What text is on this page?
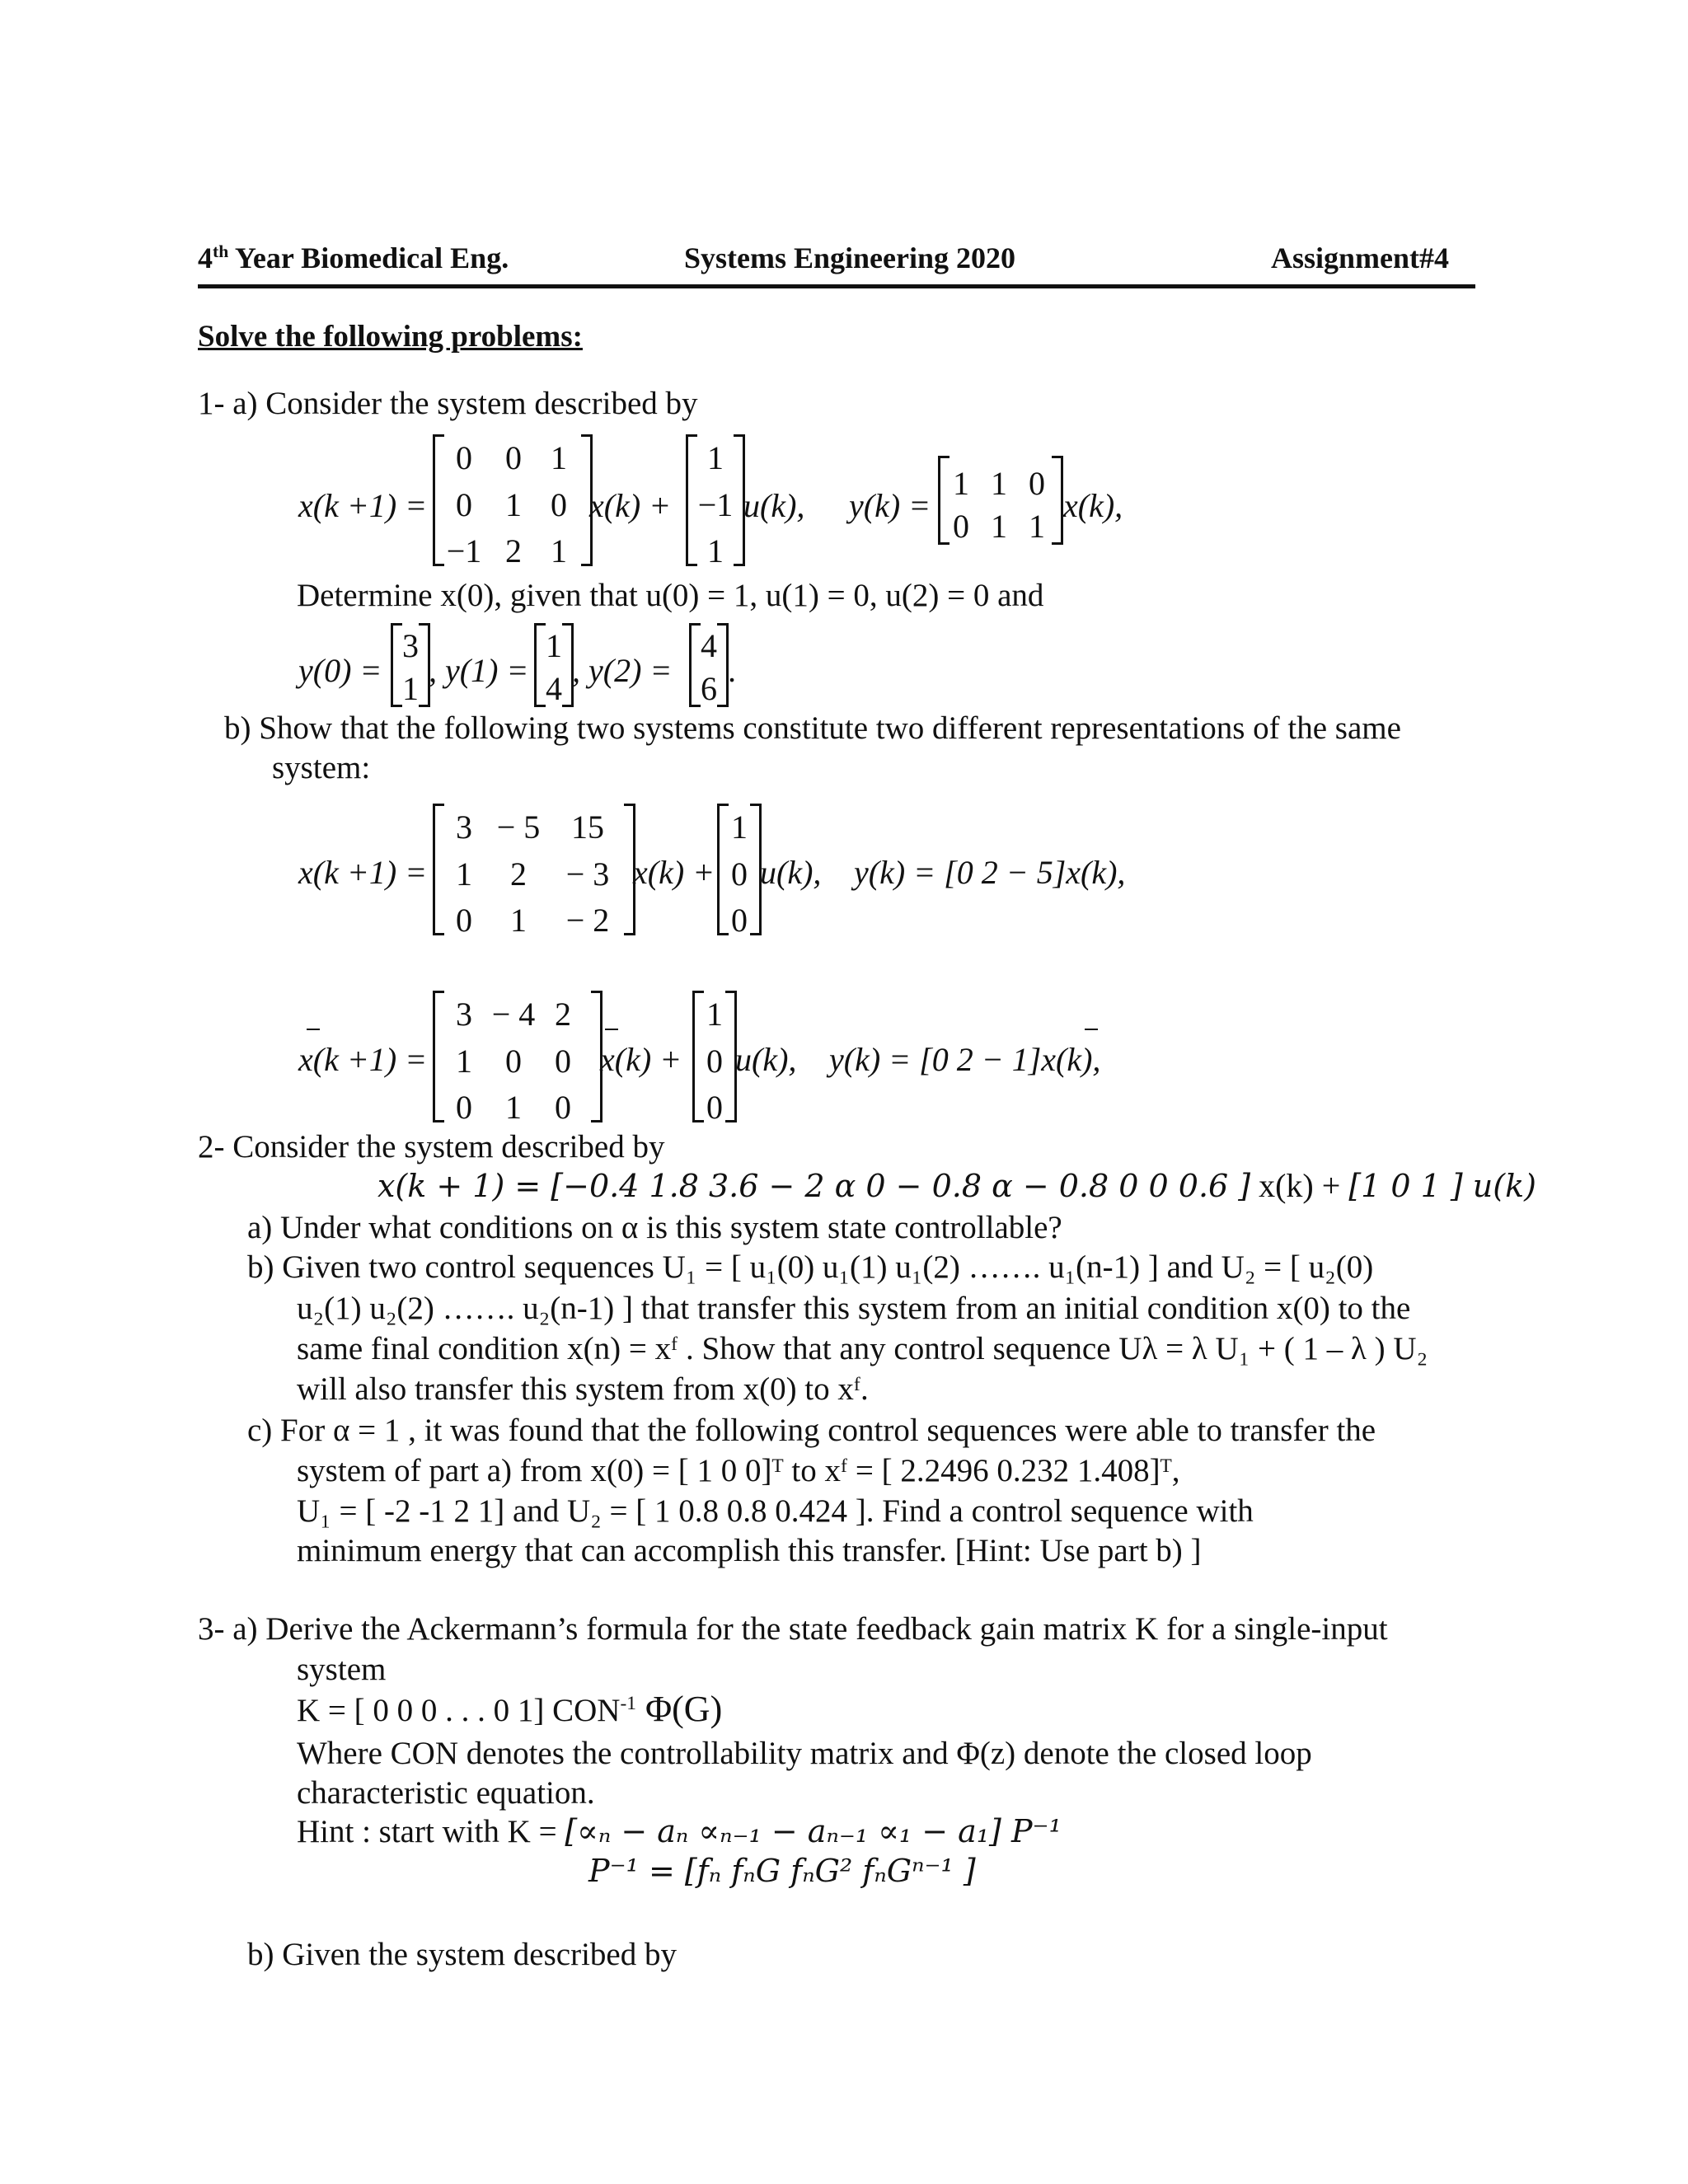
4th Year Biomedical Eng.	Systems Engineering 2020	Assignment#4
Solve the following problems:
1- a) Consider the system described by
x(k +1) =
0	0 1
0	1 0
−1 2 1
x(k) +
1
−1
1
u(k), y(k) =
1 1 0
0 1 1
x(k),
Determine x(0), given that u(0) = 1, u(1) = 0, u(2) = 0 and
y(0) =
3
1 , y(1) =
1
4 , y(2) =
4
6 .
b) Show that the following two systems constitute two different representations of the same
system:
x(k +1) =
3 − 5 15
1	2	− 3
0	1	− 2
x(k) +
1
0
0
u(k), y(k) = [0 2 − 5]x(k),
x(k +1) =
3 − 4 2
1	0	0
0	1	0
x(k) +
1
0
0
u(k), y(k) = [0 2 − 1]x(k),
2- Consider the system described by
x(k + 1) = [−0.4 1.8 3.6 − 2 α 0 − 0.8 α − 0.8 0 0 0.6 ] x(k) + [1 0 1 ] u(k)
a) Under what conditions on α is this system state controllable?
b) Given two control sequences U₁ = [ u₁(0) u₁(1) u₁(2) ……. u₁(n-1) ] and U₂ = [ u₂(0)
u₂(1) u₂(2) ……. u₂(n-1) ] that transfer this system from an initial condition x(0) to the
same final condition x(n) = xᶠ . Show that any control sequence Uλ = λ U₁ + ( 1 – λ ) U₂
will also transfer this system from x(0) to xᶠ.
c) For α = 1 , it was found that the following control sequences were able to transfer the
system of part a) from x(0) = [ 1 0 0]ᵀ to xᶠ = [ 2.2496 0.232 1.408]ᵀ,
U₁ = [ -2 -1 2 1] and U₂ = [ 1 0.8 0.8 0.424 ]. Find a control sequence with
minimum energy that can accomplish this transfer. [Hint: Use part b) ]
3- a) Derive the Ackermann’s formula for the state feedback gain matrix K for a single-input
system
K = [ 0 0 0 . . . 0 1] $CON^{-1}$ Φ(G)
Where CON denotes the controllability matrix and Φ(z) denote the closed loop
characteristic equation.
Hint : start with K = [∝ₙ − aₙ ∝ₙ₋₁ − aₙ₋₁ ∝₁ − a₁] P⁻¹
P⁻¹ = [fₙ fₙG fₙG² fₙGⁿ⁻¹ ]
b) Given the system described by
